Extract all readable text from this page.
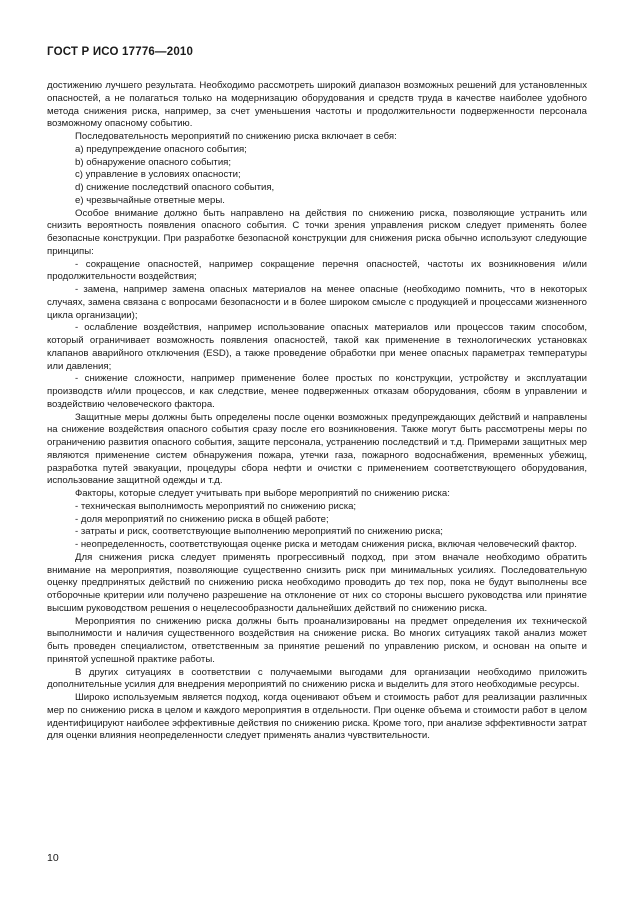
ГОСТ Р ИСО 17776—2010

достижению лучшего результата. Необходимо рассмотреть широкий диапазон возможных решений для установленных опасностей, а не полагаться только на модернизацию оборудования и средств труда в качестве наиболее удобного метода снижения риска, например, за счет уменьшения частоты и продолжительности подверженности персонала возможному опасному событию.

Последовательность мероприятий по снижению риска включает в себя:

а) предупреждение опасного события;

b) обнаружение опасного события;

c) управление в условиях опасности;

d) снижение последствий опасного события,

e) чрезвычайные ответные меры.

Особое внимание должно быть направлено на действия по снижению риска, позволяющие устранить или снизить вероятность появления опасного события. С точки зрения управления риском следует применять более безопасные конструкции. При разработке безопасной конструкции для снижения риска обычно используют следующие принципы:

- сокращение опасностей, например сокращение перечня опасностей, частоты их возникновения и/или продолжительности воздействия;

- замена, например замена опасных материалов на менее опасные (необходимо помнить, что в некоторых случаях, замена связана с вопросами безопасности и в более широком смысле с продукцией и процессами жизненного цикла организации);

- ослабление воздействия, например использование опасных материалов или процессов таким способом, который ограничивает возможность появления опасностей, такой как применение в технологических установках клапанов аварийного отключения (ESD), а также проведение обработки при менее опасных параметрах температуры или давления;

- снижение сложности, например применение более простых по конструкции, устройству и эксплуатации производств и/или процессов, и как следствие, менее подверженных отказам оборудования, сбоям в управлении и воздействию человеческого фактора.

Защитные меры должны быть определены после оценки возможных предупреждающих действий и направлены на снижение воздействия опасного события сразу после его возникновения. Также могут быть рассмотрены меры по ограничению развития опасного события, защите персонала, устранению последствий и т.д. Примерами защитных мер являются применение систем обнаружения пожара, утечки газа, пожарного водоснабжения, временных убежищ, разработка путей эвакуации, процедуры сбора нефти и очистки с применением соответствующего оборудования, использование защитной одежды и т.д.

Факторы, которые следует учитывать при выборе мероприятий по снижению риска:

- техническая выполнимость мероприятий по снижению риска;

- доля мероприятий по снижению риска в общей работе;

- затраты и риск, соответствующие выполнению мероприятий по снижению риска;

- неопределенность, соответствующая оценке риска и методам снижения риска, включая человеческий фактор.

Для снижения риска следует применять прогрессивный подход, при этом вначале необходимо обратить внимание на мероприятия, позволяющие существенно снизить риск при минимальных усилиях. Последовательную оценку предпринятых действий по снижению риска необходимо проводить до тех пор, пока не будут выполнены все отборочные критерии или получено разрешение на отклонение от них со стороны высшего руководства или принятие высшим руководством решения о нецелесообразности дальнейших действий по снижению риска.

Мероприятия по снижению риска должны быть проанализированы на предмет определения их технической выполнимости и наличия существенного воздействия на снижение риска. Во многих ситуациях такой анализ может быть проведен специалистом, ответственным за принятие решений по управлению риском, и основан на опыте и принятой успешной практике работы.

В других ситуациях в соответствии с получаемыми выгодами для организации необходимо приложить дополнительные усилия для внедрения мероприятий по снижению риска и выделить для этого необходимые ресурсы.

Широко используемым является подход, когда оценивают объем и стоимость работ для реализации различных мер по снижению риска в целом и каждого мероприятия в отдельности. При оценке объема и стоимости работ в целом идентифицируют наиболее эффективные действия по снижению риска. Кроме того, при анализе эффективности затрат для оценки влияния неопределенности следует применять анализ чувствительности.

10
